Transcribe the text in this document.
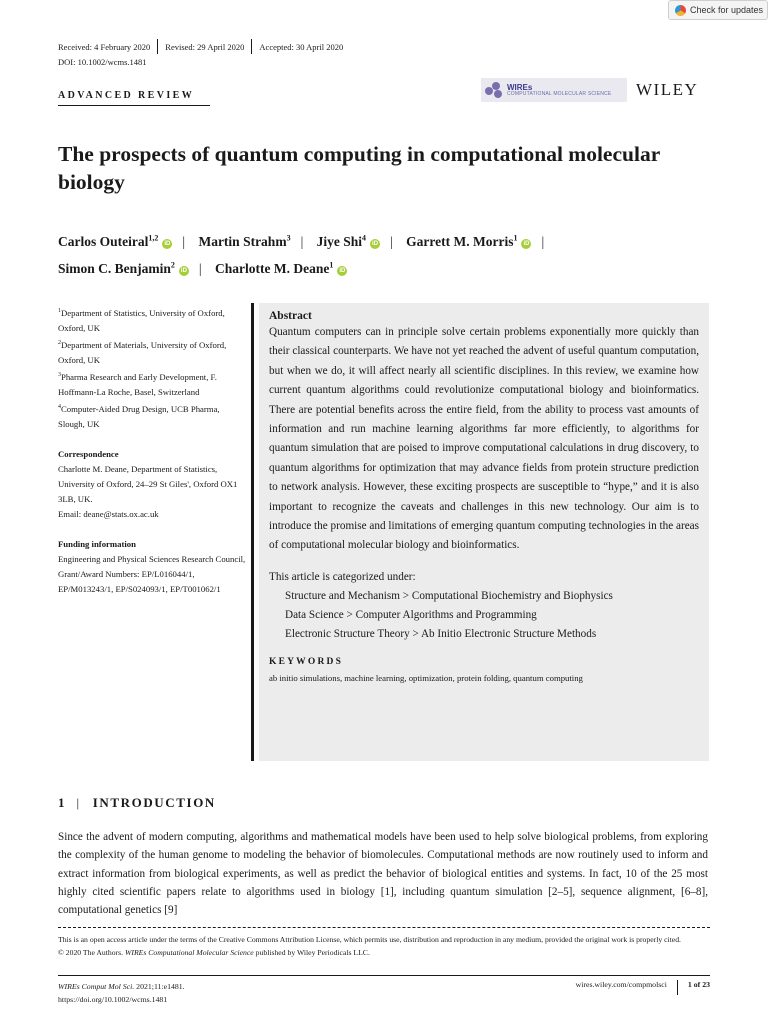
Check for updates
Received: 4 February 2020 Revised: 29 April 2020 Accepted: 30 April 2020
DOI: 10.1002/wcms.1481
ADVANCED REVIEW
WIREs
COMPUTATIONAL MOLECULAR SCIENCE WILEY
The prospects of quantum computing in computational molecular biology
Carlos Outeiral$^{1,2}$iD | Martin Strahm$^3$ | Jiye Shi$^4$iD | Garrett M. Morris$^1$iD |
Simon C. Benjamin$^2$iD | Charlotte M. Deane$^1$iD
$^1$Department of Statistics, University of Oxford, Oxford, UK
$^2$Department of Materials, University of Oxford, Oxford, UK
$^3$Pharma Research and Early Development, F. Hoffmann-La Roche, Basel, Switzerland
$^4$Computer-Aided Drug Design, UCB Pharma, Slough, UK
Correspondence
Charlotte M. Deane, Department of Statistics, University of Oxford, 24–29 St Giles', Oxford OX1 3LB, UK.
Email: deane@stats.ox.ac.uk
Funding information
Engineering and Physical Sciences Research Council, Grant/Award Numbers: EP/L016044/1, EP/M013243/1, EP/S024093/1, EP/T001062/1
Abstract
Quantum computers can in principle solve certain problems exponentially more quickly than their classical counterparts. We have not yet reached the advent of useful quantum computation, but when we do, it will affect nearly all scientific disciplines. In this review, we examine how current quantum algorithms could revolutionize computational biology and bioinformatics. There are potential benefits across the entire field, from the ability to process vast amounts of information and run machine learning algorithms far more efficiently, to algorithms for quantum simulation that are poised to improve computational calculations in drug discovery, to quantum algorithms for optimization that may advance fields from protein structure prediction to network analysis. However, these exciting prospects are susceptible to “hype,” and it is also important to recognize the caveats and challenges in this new technology. Our aim is to introduce the promise and limitations of emerging quantum computing technologies in the areas of computational molecular biology and bioinformatics.
This article is categorized under:
Structure and Mechanism > Computational Biochemistry and Biophysics
Data Science > Computer Algorithms and Programming
Electronic Structure Theory > Ab Initio Electronic Structure Methods
KEYWORDS
ab initio simulations, machine learning, optimization, protein folding, quantum computing
1 | INTRODUCTION
Since the advent of modern computing, algorithms and mathematical models have been used to help solve biological problems, from exploring the complexity of the human genome to modeling the behavior of biomolecules. Computational methods are now routinely used to inform and extract information from biological experiments, as well as predict the behavior of biological entities and systems. In fact, 10 of the 25 most highly cited scientific papers relate to algorithms used in biology [1], including quantum simulation [2–5], sequence alignment, [6–8], computational genetics [9]
This is an open access article under the terms of the Creative Commons Attribution License, which permits use, distribution and reproduction in any medium, provided the original work is properly cited.
© 2020 The Authors. WIREs Computational Molecular Science published by Wiley Periodicals LLC.
WIREs Comput Mol Sci. 2021;11:e1481.
https://doi.org/10.1002/wcms.1481
wires.wiley.com/compmolsci	1 of 23
